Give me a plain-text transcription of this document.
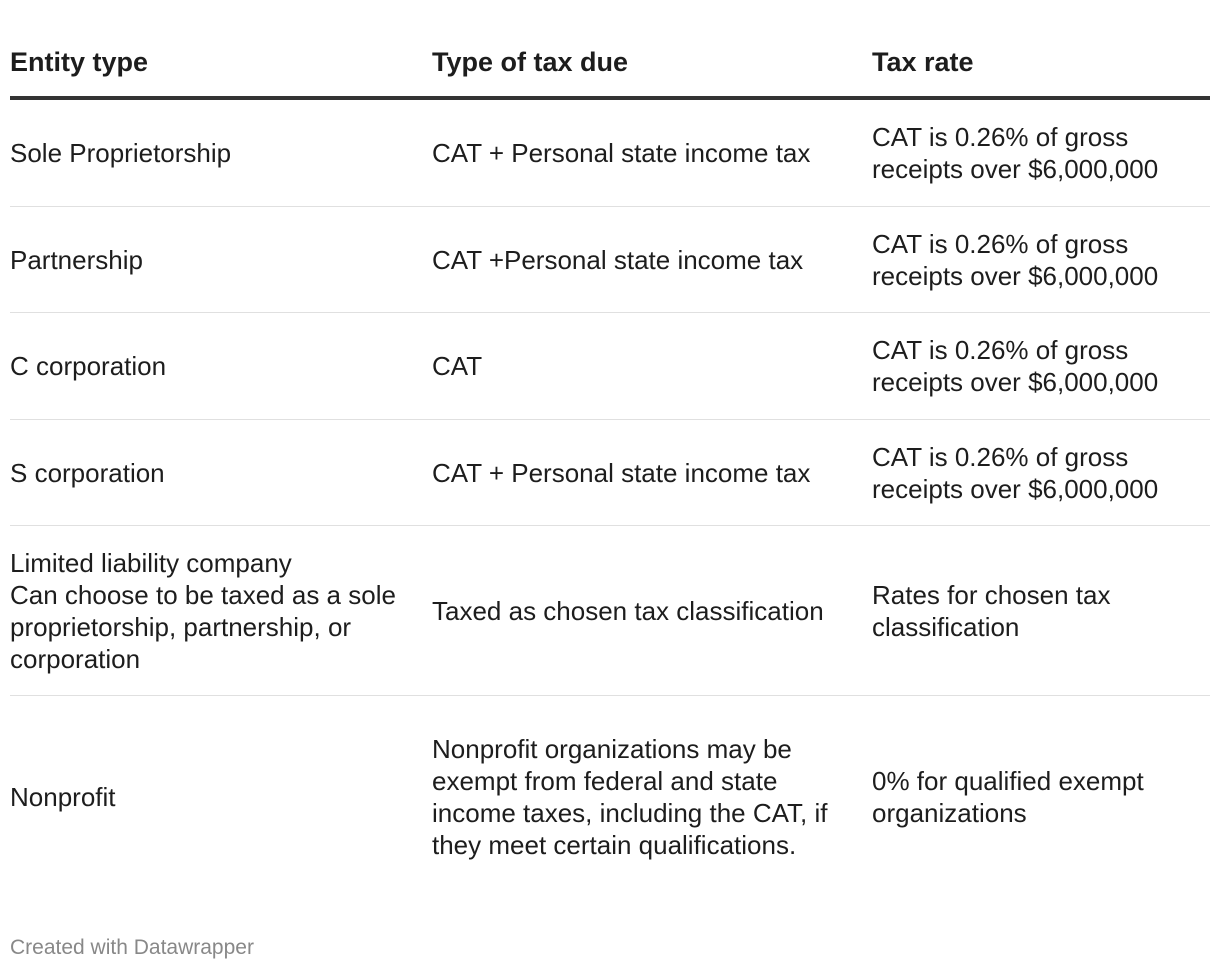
Entity type	Type of tax due	Tax rate

Sole Proprietorship	CAT + Personal state income tax	CAT is 0.26% of gross receipts over $6,000,000

Partnership	CAT +Personal state income tax	CAT is 0.26% of gross receipts over $6,000,000

C corporation	CAT	CAT is 0.26% of gross receipts over $6,000,000

S corporation	CAT + Personal state income tax	CAT is 0.26% of gross receipts over $6,000,000

Limited liability company
Can choose to be taxed as a sole proprietorship, partnership, or corporation	Taxed as chosen tax classification	Rates for chosen tax classification

Nonprofit	Nonprofit organizations may be exempt from federal and state income taxes, including the CAT, if they meet certain qualifications.	0% for qualified exempt organizations
Created with Datawrapper
